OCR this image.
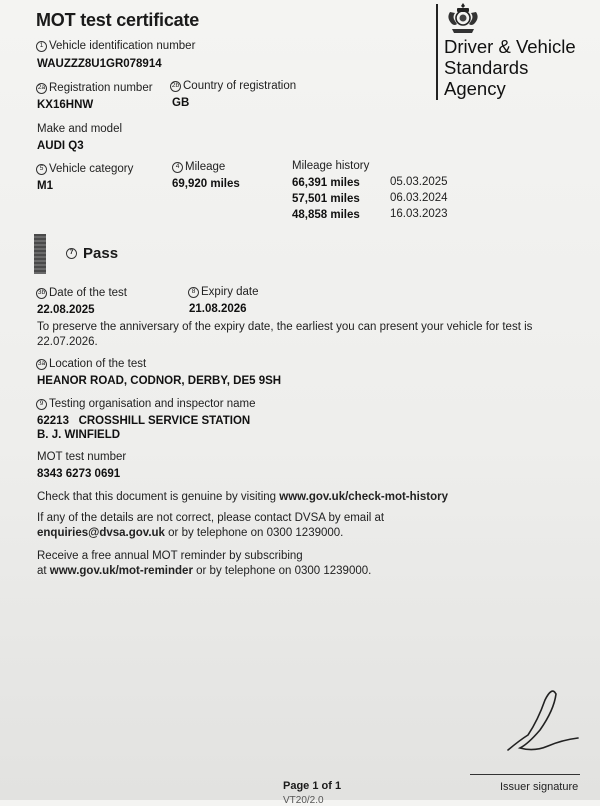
MOT test certificate
Driver & Vehicle
Standards
Agency
1 Vehicle identification number
WAUZZZ8U1GR078914
2a Registration number
KX16HNW
2b Country of registration
GB
Make and model
AUDI Q3
5 Vehicle category
M1
4 Mileage
69,920 miles
Mileage history
66,391 miles	05.03.2025
57,501 miles	06.03.2024
48,858 miles	16.03.2023
7 Pass
3b Date of the test
22.08.2025
8 Expiry date
21.08.2026
To preserve the anniversary of the expiry date, the earliest you can present your vehicle for test is
22.07.2026.
3a Location of the test
HEANOR ROAD, CODNOR, DERBY, DE5 9SH
9 Testing organisation and inspector name
62213   CROSSHILL SERVICE STATION
B. J. WINFIELD
MOT test number
8343 6273 0691
Check that this document is genuine by visiting www.gov.uk/check-mot-history
If any of the details are not correct, please contact DVSA by email at
enquiries@dvsa.gov.uk or by telephone on 0300 1239000.
Receive a free annual MOT reminder by subscribing
at www.gov.uk/mot-reminder or by telephone on 0300 1239000.
Page 1 of 1	Issuer signature
VT20/2.0
